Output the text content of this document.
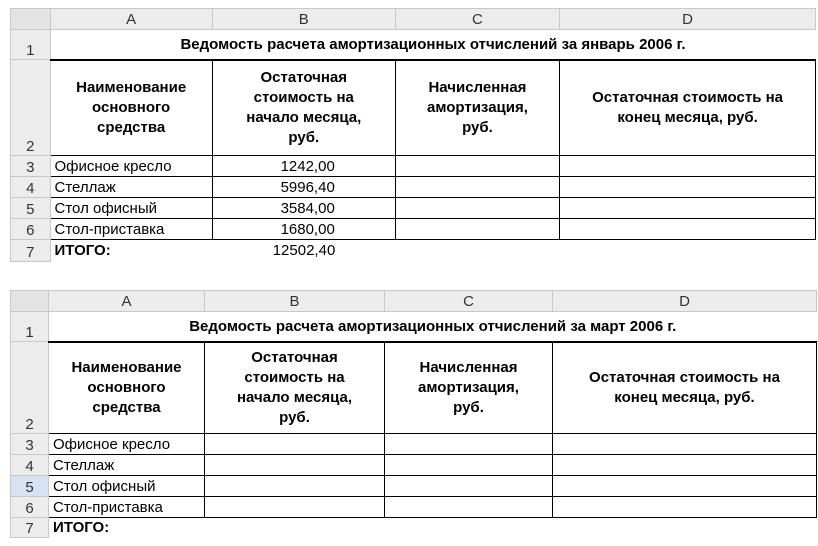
	A	B	C	D
1	Ведомость расчета амортизационных отчислений за январь 2006 г.			
2	Наименование
основного
средства	Остаточная
стоимость на
начало месяца,
руб.	Начисленная
амортизация,
руб.	Остаточная стоимость на
конец месяца, руб.

3	Офисное кресло	1242,00		
4	Стеллаж	5996,40		
5	Стол офисный	3584,00		
6	Стол-приставка	1680,00		
7	ИТОГО:	12502,40		
	A	B	C	D
1	Ведомость расчета амортизационных отчислений за март 2006 г.			
2	Наименование
основного
средства	Остаточная
стоимость на
начало месяца,
руб.	Начисленная
амортизация,
руб.	Остаточная стоимость на
конец месяца, руб.

3	Офисное кресло			
4	Стеллаж			
5	Стол офисный			
6	Стол-приставка			
7	ИТОГО:			
